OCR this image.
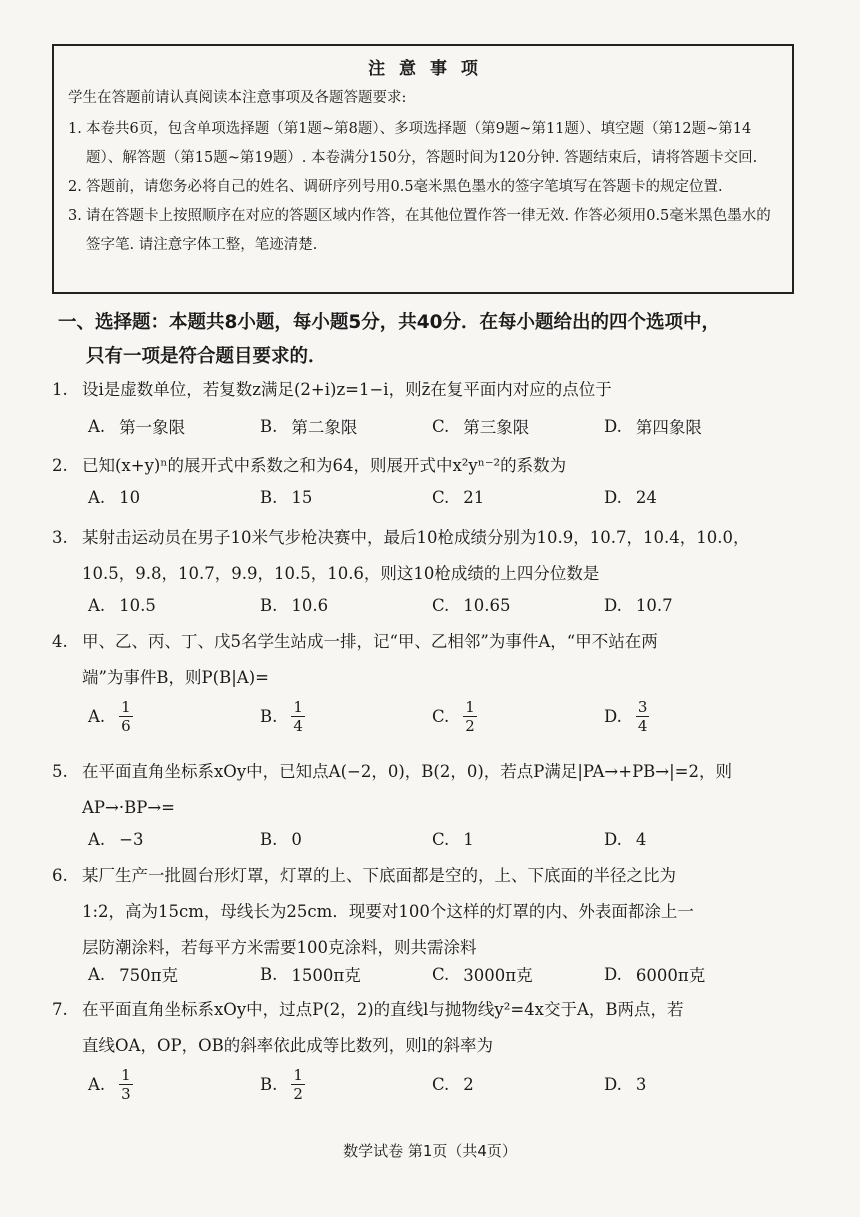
注 意 事 项
学生在答题前请认真阅读本注意事项及各题答题要求:
1. 本卷共6页，包含单项选择题（第1题~第8题）、多项选择题（第9题~第11题）、填空题（第12题~第14题）、解答题（第15题~第19题）. 本卷满分150分，答题时间为120分钟. 答题结束后，请将答题卡交回.
2. 答题前，请您务必将自己的姓名、调研序列号用0.5毫米黑色墨水的签字笔填写在答题卡的规定位置.
3. 请在答题卡上按照顺序在对应的答题区域内作答，在其他位置作答一律无效. 作答必须用0.5毫米黑色墨水的签字笔. 请注意字体工整，笔迹清楚.
一、选择题：本题共8小题，每小题5分，共40分．在每小题给出的四个选项中，
只有一项是符合题目要求的．
1. 设i是虚数单位，若复数z满足(2+i)z=1−i，则z̄在复平面内对应的点位于
A. 第一象限	B. 第二象限	C. 第三象限	D. 第四象限
2. 已知(x+y)ⁿ的展开式中系数之和为64，则展开式中x²yⁿ⁻²的系数为
A. 10	B. 15	C. 21	D. 24
3. 某射击运动员在男子10米气步枪决赛中，最后10枪成绩分别为10.9，10.7，10.4，10.0，
10.5，9.8，10.7，9.9，10.5，10.6，则这10枪成绩的上四分位数是
A. 10.5	B. 10.6	C. 10.65	D. 10.7
4. 甲、乙、丙、丁、戊5名学生站成一排，记“甲、乙相邻”为事件A，“甲不站在两
端”为事件B，则P(B|A)=
A. $\frac{1}{6}$	B. $\frac{1}{4}$	C. $\frac{1}{2}$	D. $\frac{3}{4}$
5. 在平面直角坐标系xOy中，已知点A(−2，0)，B(2，0)，若点P满足|PA→+PB→|=2，则
AP→·BP→=
A. −3	B. 0	C. 1	D. 4
6. 某厂生产一批圆台形灯罩，灯罩的上、下底面都是空的，上、下底面的半径之比为
1:2，高为15cm，母线长为25cm．现要对100个这样的灯罩的内、外表面都涂上一
层防潮涂料，若每平方米需要100克涂料，则共需涂料
A. 750π克	B. 1500π克	C. 3000π克	D. 6000π克
7. 在平面直角坐标系xOy中，过点P(2，2)的直线l与抛物线y²=4x交于A，B两点，若
直线OA，OP，OB的斜率依此成等比数列，则l的斜率为
A. $\frac{1}{3}$	B. $\frac{1}{2}$	C. 2	D. 3
数学试卷 第1页（共4页）
